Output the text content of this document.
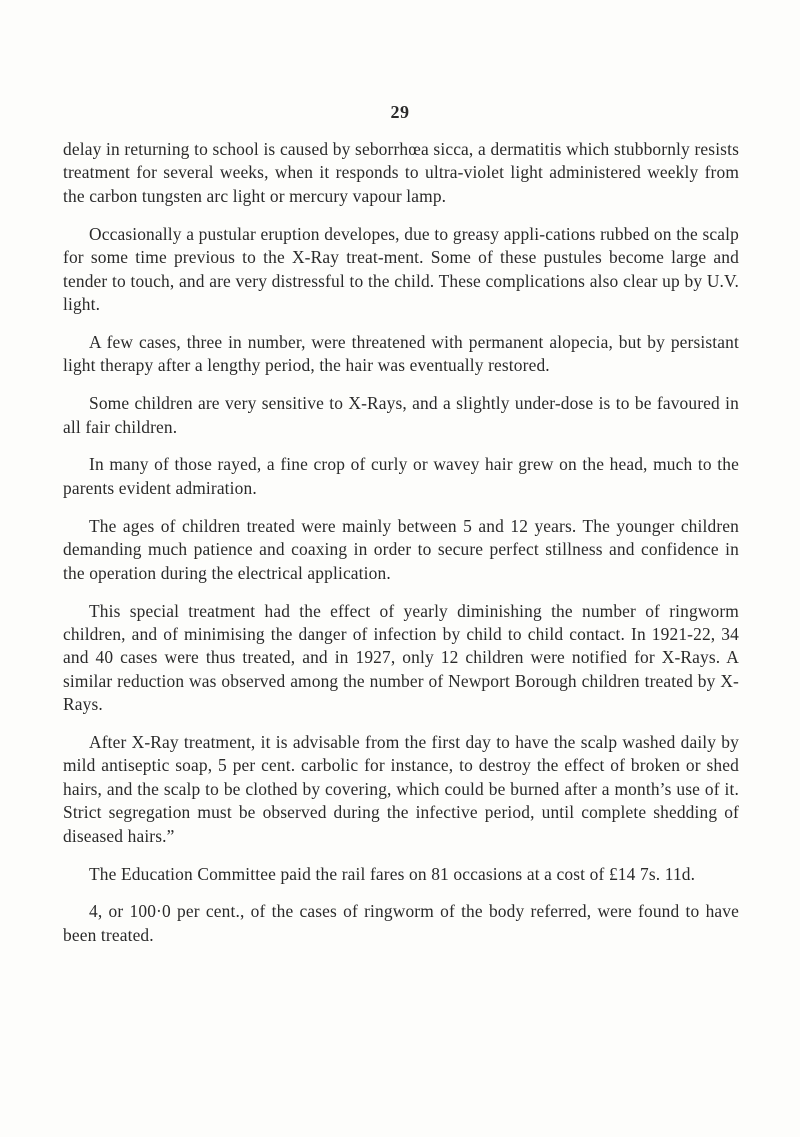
29

delay in returning to school is caused by seborrhœa sicca, a dermatitis which stubbornly resists treatment for several weeks, when it responds to ultra-violet light administered weekly from the carbon tungsten arc light or mercury vapour lamp.

Occasionally a pustular eruption developes, due to greasy appli-cations rubbed on the scalp for some time previous to the X-Ray treat-ment. Some of these pustules become large and tender to touch, and are very distressful to the child. These complications also clear up by U.V. light.

A few cases, three in number, were threatened with permanent alopecia, but by persistant light therapy after a lengthy period, the hair was eventually restored.

Some children are very sensitive to X-Rays, and a slightly under-dose is to be favoured in all fair children.

In many of those rayed, a fine crop of curly or wavey hair grew on the head, much to the parents evident admiration.

The ages of children treated were mainly between 5 and 12 years. The younger children demanding much patience and coaxing in order to secure perfect stillness and confidence in the operation during the electrical application.

This special treatment had the effect of yearly diminishing the number of ringworm children, and of minimising the danger of infection by child to child contact. In 1921-22, 34 and 40 cases were thus treated, and in 1927, only 12 children were notified for X-Rays. A similar reduction was observed among the number of Newport Borough children treated by X-Rays.

After X-Ray treatment, it is advisable from the first day to have the scalp washed daily by mild antiseptic soap, 5 per cent. carbolic for instance, to destroy the effect of broken or shed hairs, and the scalp to be clothed by covering, which could be burned after a month’s use of it. Strict segregation must be observed during the infective period, until complete shedding of diseased hairs.”

The Education Committee paid the rail fares on 81 occasions at a cost of £14 7s. 11d.

4, or 100·0 per cent., of the cases of ringworm of the body referred, were found to have been treated.
